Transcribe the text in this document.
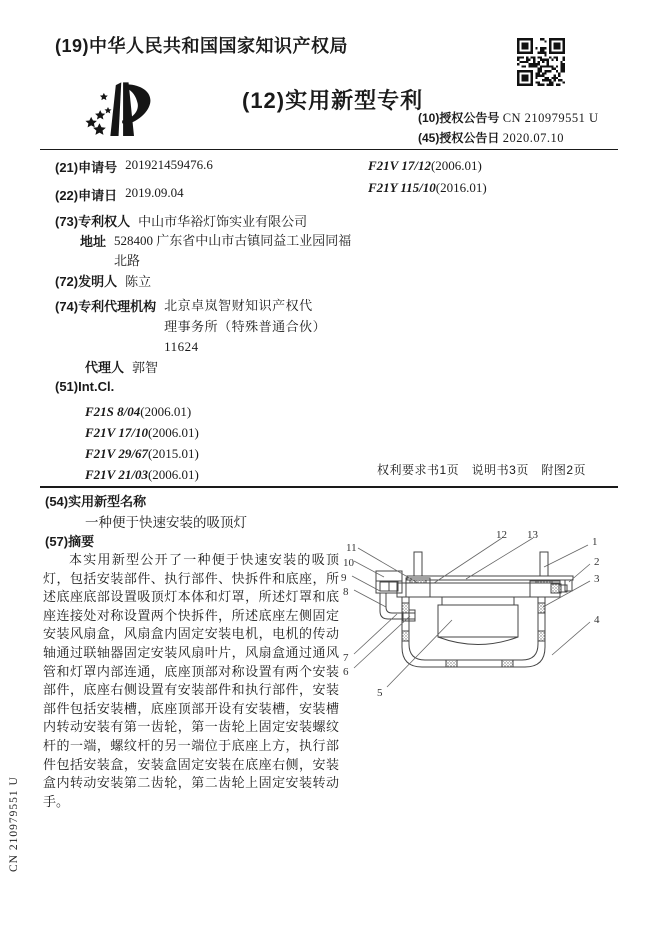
(19)中华人民共和国国家知识产权局
(12)实用新型专利
(10)授权公告号 CN 210979551 U
(45)授权公告日 2020.07.10
(21)申请号 201921459476.6
(22)申请日 2019.09.04
(73)专利权人 中山市华裕灯饰实业有限公司
地址 528400 广东省中山市古镇同益工业园同福北路
(72)发明人 陈立
(74)专利代理机构 北京卓岚智财知识产权代理事务所（特殊普通合伙）11624
代理人 郭智
(51)Int.Cl.
F21S 8/04(2006.01)
F21V 17/10(2006.01)
F21V 29/67(2015.01)
F21V 21/03(2006.01)
F21V 17/12(2006.01)
F21Y 115/10(2016.01)
权利要求书1页　说明书3页　附图2页
(54)实用新型名称
一种便于快速安装的吸顶灯
(57)摘要
本实用新型公开了一种便于快速安装的吸顶灯，包括安装部件、执行部件、快拆件和底座，所述底座底部设置吸顶灯本体和灯罩，所述灯罩和底座连接处对称设置两个快拆件，所述底座左侧固定安装风扇盒，风扇盒内固定安装电机，电机的传动轴通过联轴器固定安装风扇叶片，风扇盒通过通风管和灯罩内部连通，底座顶部对称设置有两个安装部件，底座右侧设置有安装部件和执行部件，安装部件包括安装槽，底座顶部开设有安装槽，安装槽内转动安装有第一齿轮，第一齿轮上固定安装螺纹杆的一端，螺纹杆的另一端位于底座上方，执行部件包括安装盒，安装盒固定安装在底座右侧，安装盒内转动安装第二齿轮，第二齿轮上固定安装转动手。
1
2
3
4
5
6
7
8
9
10
11
12 13
CN 210979551 U
